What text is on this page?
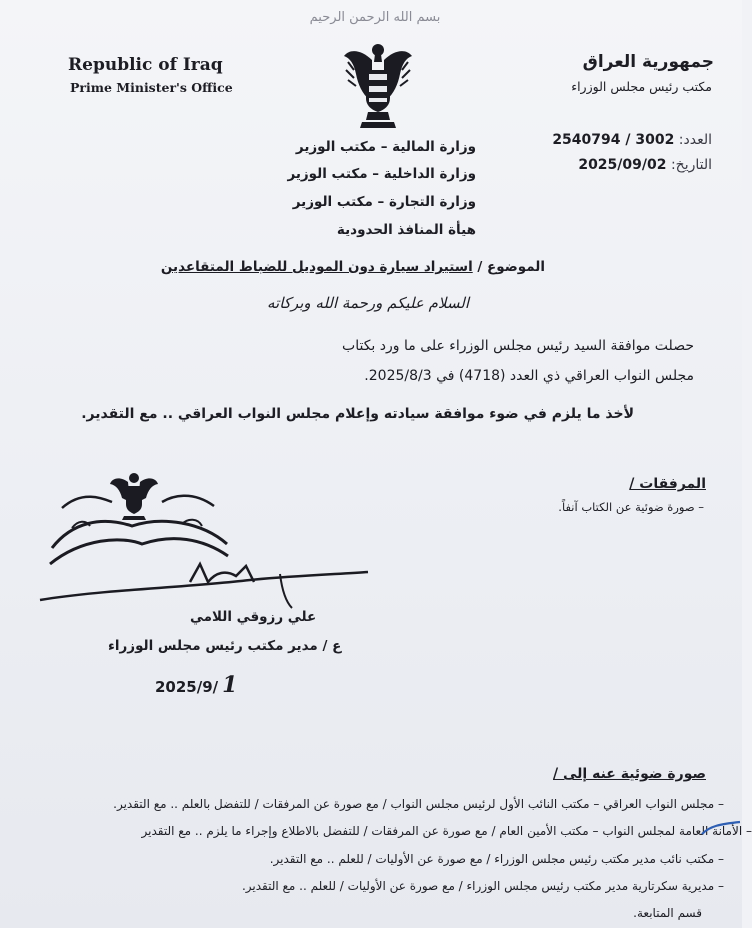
بسم الله الرحمن الرحيم
Republic of Iraq
Prime Minister's Office
جمهورية العراق
مكتب رئيس مجلس الوزراء
العدد: 2540794 / 3002
التاريخ: 2025/09/02
وزارة المالية – مكتب الوزير
وزارة الداخلية – مكتب الوزير
وزارة التجارة – مكتب الوزير
هيأة المنافذ الحدودية
الموضوع / استيراد سيارة دون الموديل للضباط المتقاعدين
السلام عليكم ورحمة الله وبركاته
حصلت موافقة السيد رئيس مجلس الوزراء على ما ورد بكتاب
مجلس النواب العراقي ذي العدد (4718) في 2025/8/3.
لأخذ ما يلزم في ضوء موافقة سيادته وإعلام مجلس النواب العراقي .. مع التقدير.
المرفقات /
– صورة ضوئية عن الكتاب آنفاً.
علي رزوقي اللامي
ع / مدير مكتب رئيس مجلس الوزراء
2025/9/ 1
صورة ضوئية عنه إلى /
– مجلس النواب العراقي – مكتب النائب الأول لرئيس مجلس النواب / مع صورة عن المرفقات / للتفضل بالعلم .. مع التقدير.
– الأمانة العامة لمجلس النواب – مكتب الأمين العام / مع صورة عن المرفقات / للتفضل بالاطلاع وإجراء ما يلزم .. مع التقدير
– مكتب نائب مدير مكتب رئيس مجلس الوزراء / مع صورة عن الأوليات / للعلم .. مع التقدير.
– مديرية سكرتارية مدير مكتب رئيس مجلس الوزراء / مع صورة عن الأوليات / للعلم .. مع التقدير.
قسم المتابعة.
